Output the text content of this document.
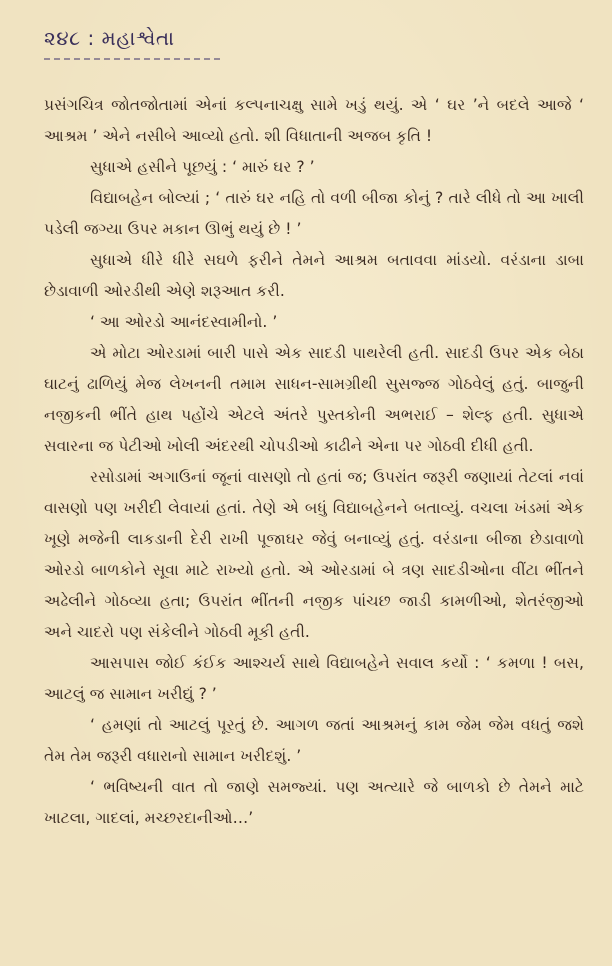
૨૪૮ : મહાશ્વેતા

પ્રસંગચિત્ર જોતજોતામાં એનાં કલ્પનાચક્ષુ સામે ખડું થયું. એ ‘ ઘર ’ને બદલે આજે ‘ આશ્રમ ’ એને નસીબે આવ્યો હતો. શી વિધાતાની અજબ કૃતિ !

સુધાએ હસીને પૂછયું : ‘ મારું ઘર ? ’

વિદ્યાબહેન બોલ્યાં ; ‘ તારું ઘર નહિ તો વળી બીજા કોનું ? તારે લીધે તો આ ખાલી પડેલી જગ્યા ઉપર મકાન ઊભું થયું છે ! ’

સુધાએ ધીરે ધીરે સઘળે ફરીને તેમને આશ્રમ બતાવવા માંડયો. વરંડાના ડાબા છેડાવાળી ઓરડીથી એણે શરૂઆત કરી.

‘ આ ઓરડો આનંદસ્વામીનો. ’

એ મોટા ઓરડામાં બારી પાસે એક સાદડી પાથરેલી હતી. સાદડી ઉપર એક બેઠા ઘાટનું ઢાળિયું મેજ લેખનની તમામ સાધન-સામગ્રીથી સુસજ્જ ગોઠવેલું હતું. બાજુની નજીકની ભીંતે હાથ પહોંચે એટલે અંતરે પુસ્તકોની અભરાઈ – શેલ્ફ હતી. સુધાએ સવારના જ પેટીઓ ખોલી અંદરથી ચોપડીઓ કાઢીને એના પર ગોઠવી દીધી હતી.

રસોડામાં અગાઉનાં જૂનાં વાસણો તો હતાં જ; ઉપરાંત જરૂરી જણાયાં તેટલાં નવાં વાસણો પણ ખરીદી લેવાયાં હતાં. તેણે એ બધું વિદ્યાબહેનને બતાવ્યું. વચલા ખંડમાં એક ખૂણે મજેની લાકડાની દેરી રાખી પૂજાઘર જેવું બનાવ્યું હતું. વરંડાના બીજા છેડાવાળો ઓરડો બાળકોને સૂવા માટે રાખ્યો હતો. એ ઓરડામાં બે ત્રણ સાદડીઓના વીંટા ભીંતને અઢેલીને ગોઠવ્યા હતા; ઉપરાંત ભીંતની નજીક પાંચછ જાડી કામળીઓ, શેતરંજીઓ અને ચાદરો પણ સંકેલીને ગોઠવી મૂકી હતી.

આસપાસ જોઈ કંઈક આશ્ચર્ય સાથે વિદ્યાબહેને સવાલ કર્યો : ‘ કમળા ! બસ, આટલું જ સામાન ખરીદ્યું ? ’

‘ હમણાં તો આટલું પૂરતું છે. આગળ જતાં આશ્રમનું કામ જેમ જેમ વધતું જશે તેમ તેમ જરૂરી વધારાનો સામાન ખરીદશું. ’

‘ ભવિષ્યની વાત તો જાણે સમજ્યાં. પણ અત્યારે જે બાળકો છે તેમને માટે ખાટલા, ગાદલાં, મચ્છરદાનીઓ…’
